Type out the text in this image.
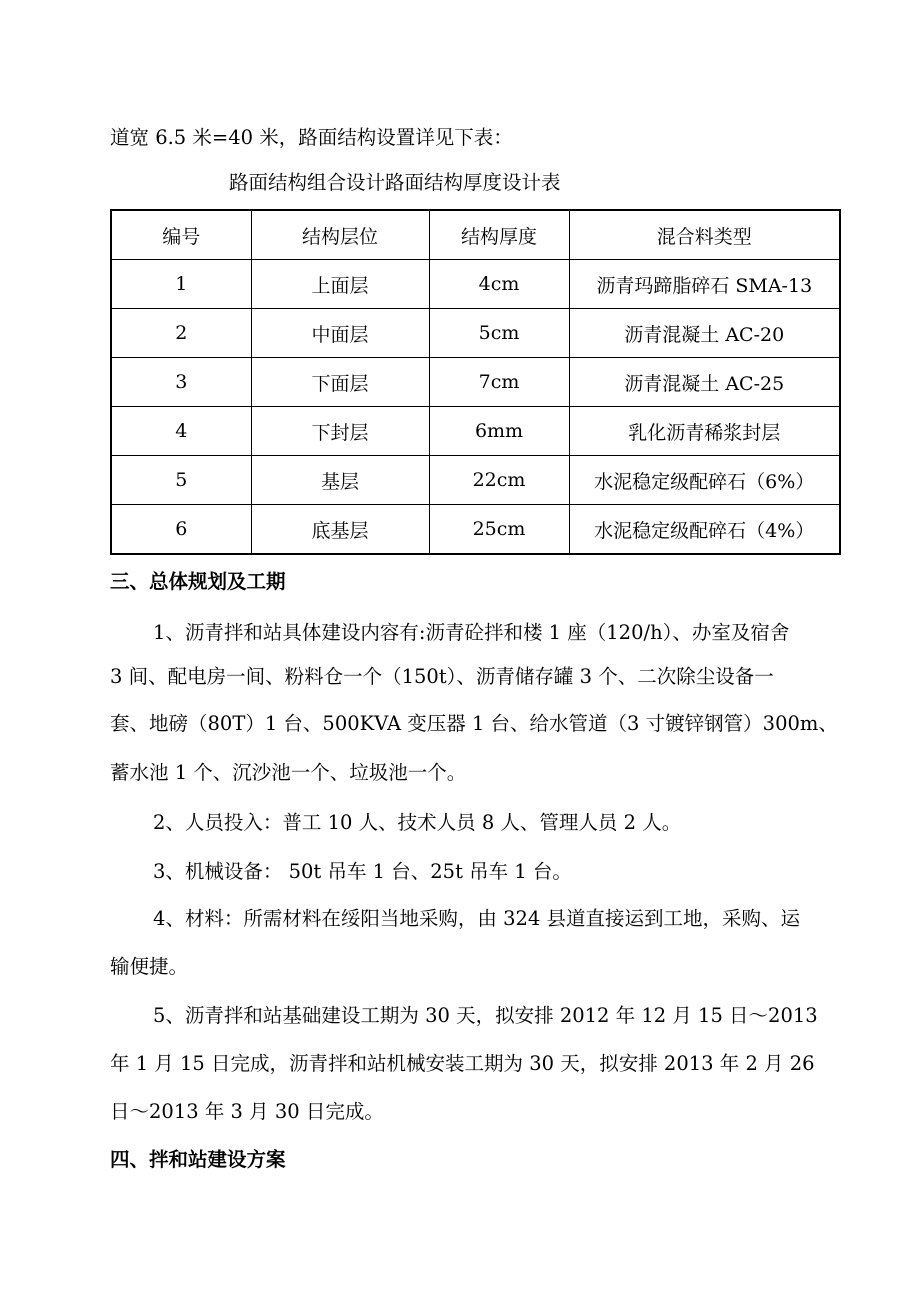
道宽 6.5 米=40 米，路面结构设置详见下表：
路面结构组合设计路面结构厚度设计表
编号	结构层位	结构厚度	混合料类型
1	上面层	4cm	沥青玛蹄脂碎石 SMA-13
2	中面层	5cm	沥青混凝土 AC-20
3	下面层	7cm	沥青混凝土 AC-25
4	下封层	6mm	乳化沥青稀浆封层
5	基层	22cm	水泥稳定级配碎石（6%）
6	底基层	25cm	水泥稳定级配碎石（4%）
三、总体规划及工期
1、沥青拌和站具体建设内容有:沥青砼拌和楼 1 座（120/h）、办室及宿舍
3 间、配电房一间、粉料仓一个（150t）、沥青储存罐 3 个、二次除尘设备一
套、地磅（80T）1 台、500KVA 变压器 1 台、给水管道（3 寸镀锌钢管）300m、
蓄水池 1 个、沉沙池一个、垃圾池一个。
2、人员投入：普工 10 人、技术人员 8 人、管理人员 2 人。
3、机械设备： 50t 吊车 1 台、25t 吊车 1 台。
4、材料：所需材料在绥阳当地采购，由 324 县道直接运到工地，采购、运
输便捷。
5、沥青拌和站基础建设工期为 30 天，拟安排 2012 年 12 月 15 日～2013
年 1 月 15 日完成，沥青拌和站机械安装工期为 30 天，拟安排 2013 年 2 月 26
日～2013 年 3 月 30 日完成。
四、拌和站建设方案
